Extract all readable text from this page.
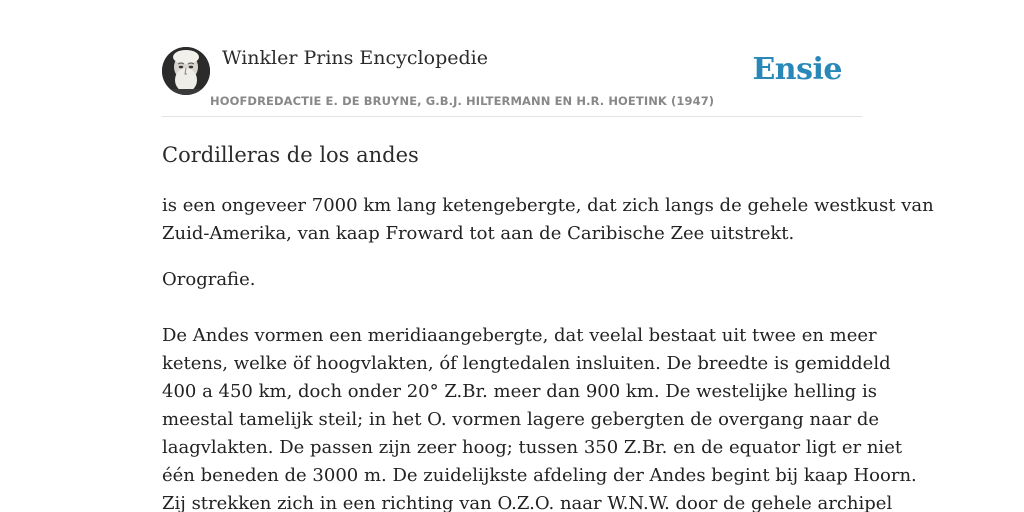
Winkler Prins Encyclopedie
HOOFDREDACTIE E. DE BRUYNE, G.B.J. HILTERMANN EN H.R. HOETINK (1947)
Ensie
Cordilleras de los andes

is een ongeveer 7000 km lang ketengebergte, dat zich langs de gehele westkust van
Zuid-Amerika, van kaap Froward tot aan de Caribische Zee uitstrekt.

Orografie.

De Andes vormen een meridiaangebergte, dat veelal bestaat uit twee en meer
ketens, welke öf hoogvlakten, óf lengtedalen insluiten. De breedte is gemiddeld
400 a 450 km, doch onder 20° Z.Br. meer dan 900 km. De westelijke helling is
meestal tamelijk steil; in het O. vormen lagere gebergten de overgang naar de
laagvlakten. De passen zijn zeer hoog; tussen 350 Z.Br. en de equator ligt er niet
één beneden de 3000 m. De zuidelijkste afdeling der Andes begint bij kaap Hoorn.
Zij strekken zich in een richting van O.Z.O. naar W.N.W. door de gehele archipel
